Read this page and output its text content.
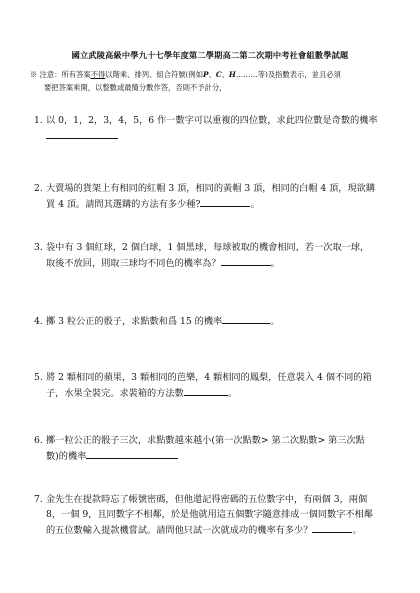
國立武陵高級中學九十七學年度第二學期高二第二次期中考社會組數學試題
※ 注意：所有答案不得以階乘、排列、組合符號(例如P、C、H………等)及指數表示，並且必須
要把答案乘開，以整數或最簡分數作答，否則不予計分，
1. 以 0，1，2，3，4，5，6 作一數字可以重複的四位數，求此四位數是奇數的機率
2. 大賣場的貨架上有相同的紅帽 3 頂，相同的黃帽 3 頂，相同的白帽 4 頂，現欲購
買 4 頂。請問其選購的方法有多少種?	。
3. 袋中有 3 個紅球，2 個白球，1 個黑球，每球被取的機會相同，若一次取一球，
取後不放回，則取三球均不同色的機率為？	。
4. 擲 3 粒公正的骰子，求點數和爲 15 的機率	。
5. 將 2 顆相同的蘋果，3 顆相同的芭樂，4 顆相同的鳳梨，任意裝入 4 個不同的箱
子，水果全裝完。求裝箱的方法數	。
6. 擲一粒公正的骰子三次，求點數越來越小(第一次點數> 第二次點數> 第三次點
數)的機率
7. 金先生在提款時忘了帳號密碼，但他還記得密碼的五位數字中，有兩個 3，兩個
8，一個 9，且同數字不相鄰，於是他就用這五個數字隨意排成一個同數字不相鄰
的五位數輸入提款機嘗試。請問他只試一次就成功的機率有多少？	。
